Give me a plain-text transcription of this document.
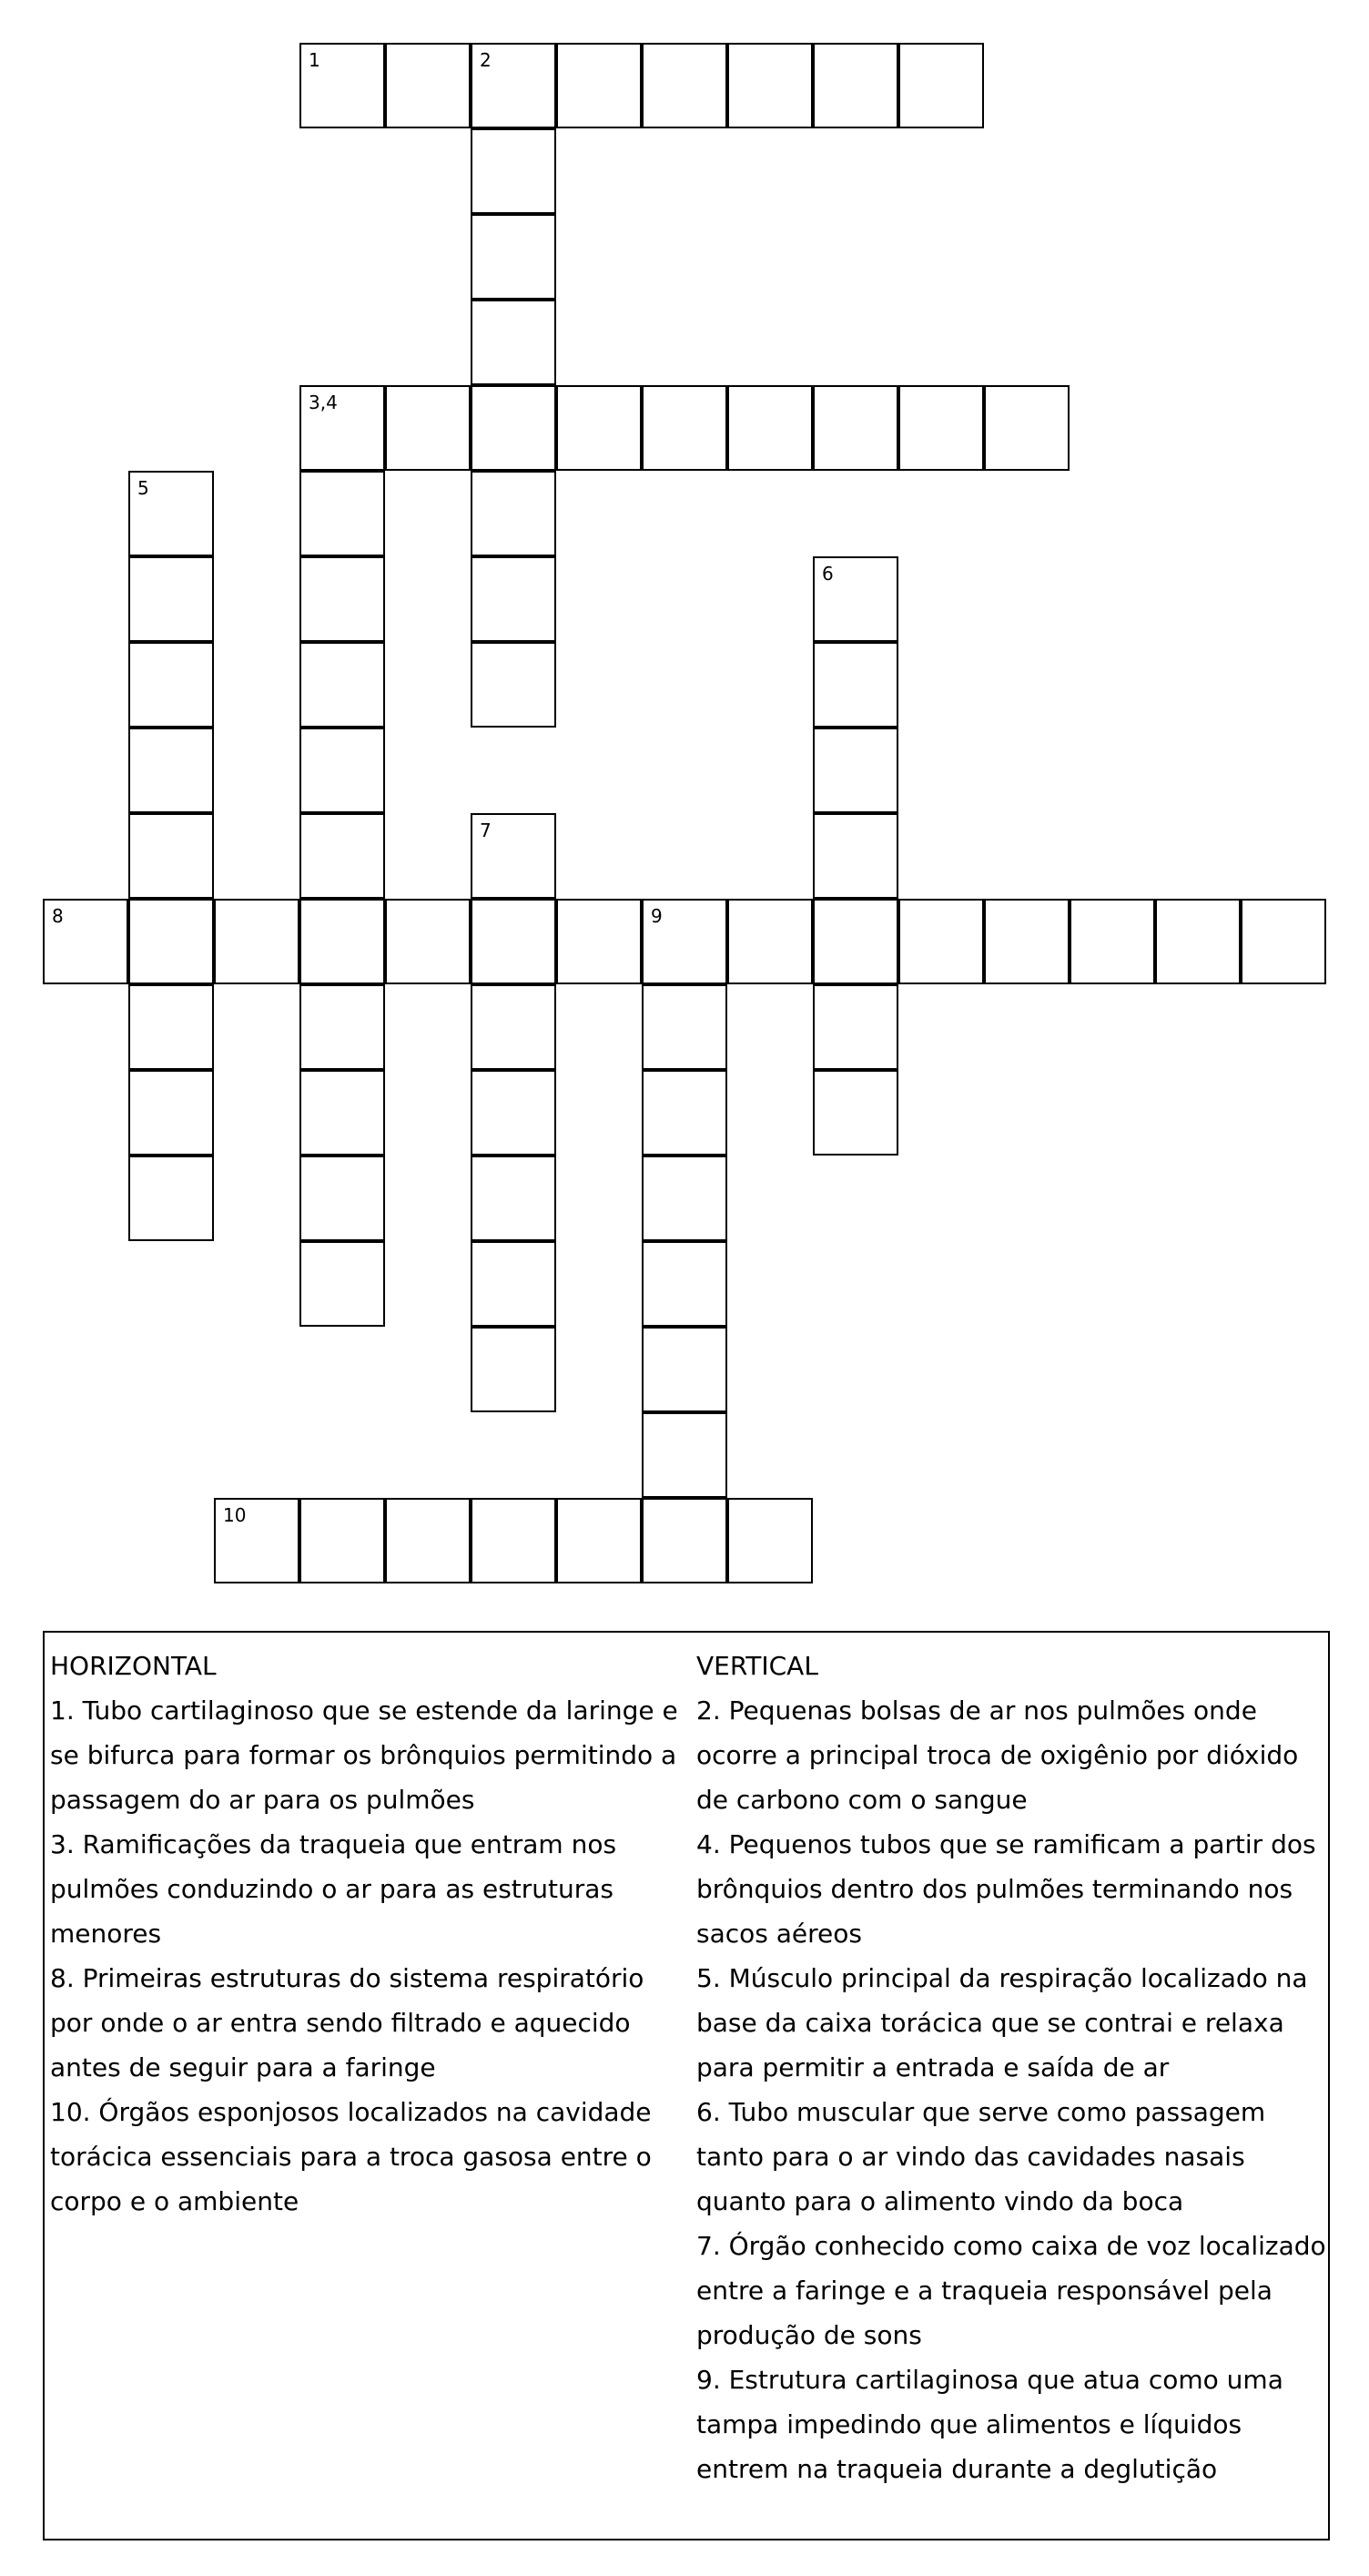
1	2
3,4
5
6
7
8	9
10

HORIZONTAL

1. Tubo cartilaginoso que se estende da laringe e se bifurca para formar os brônquios permitindo a passagem do ar para os pulmões

3. Ramificações da traqueia que entram nos pulmões conduzindo o ar para as estruturas menores

8. Primeiras estruturas do sistema respiratório por onde o ar entra sendo filtrado e aquecido antes de seguir para a faringe

10. Órgãos esponjosos localizados na cavidade torácica essenciais para a troca gasosa entre o corpo e o ambiente

VERTICAL

2. Pequenas bolsas de ar nos pulmões onde ocorre a principal troca de oxigênio por dióxido de carbono com o sangue

4. Pequenos tubos que se ramificam a partir dos brônquios dentro dos pulmões terminando nos sacos aéreos

5. Músculo principal da respiração localizado na base da caixa torácica que se contrai e relaxa para permitir a entrada e saída de ar

6. Tubo muscular que serve como passagem tanto para o ar vindo das cavidades nasais quanto para o alimento vindo da boca

7. Órgão conhecido como caixa de voz localizado entre a faringe e a traqueia responsável pela produção de sons

9. Estrutura cartilaginosa que atua como uma tampa impedindo que alimentos e líquidos entrem na traqueia durante a deglutição
